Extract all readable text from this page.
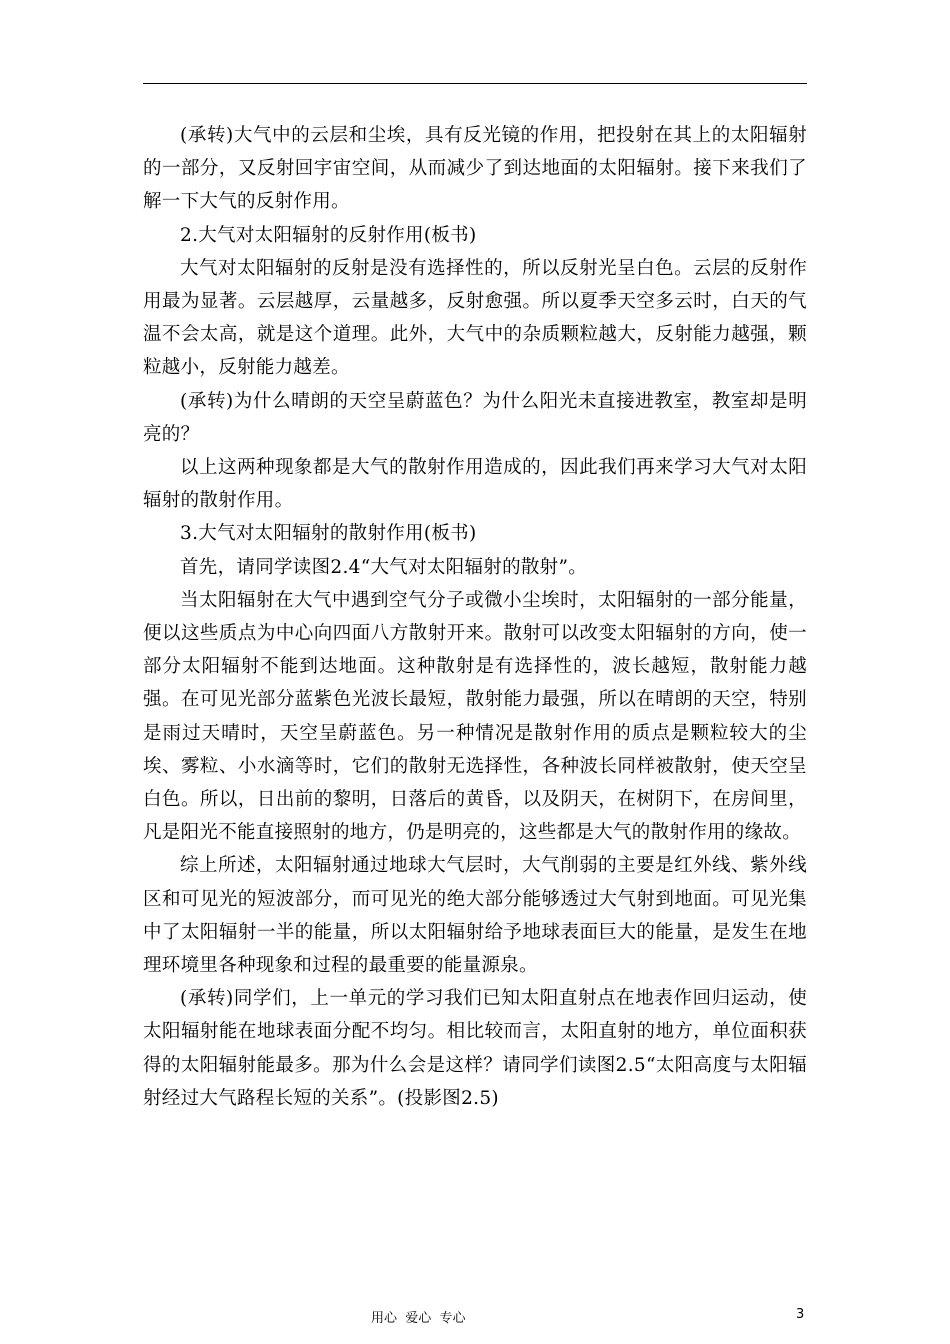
(承转)大气中的云层和尘埃，具有反光镜的作用，把投射在其上的太阳辐射的一部分，又反射回宇宙空间，从而减少了到达地面的太阳辐射。接下来我们了解一下大气的反射作用。

2.大气对太阳辐射的反射作用(板书)

大气对太阳辐射的反射是没有选择性的，所以反射光呈白色。云层的反射作用最为显著。云层越厚，云量越多，反射愈强。所以夏季天空多云时，白天的气温不会太高，就是这个道理。此外，大气中的杂质颗粒越大，反射能力越强，颗粒越小，反射能力越差。

(承转)为什么晴朗的天空呈蔚蓝色？为什么阳光未直接进教室，教室却是明亮的？

以上这两种现象都是大气的散射作用造成的，因此我们再来学习大气对太阳辐射的散射作用。

3.大气对太阳辐射的散射作用(板书)

首先，请同学读图2.4“大气对太阳辐射的散射”。

当太阳辐射在大气中遇到空气分子或微小尘埃时，太阳辐射的一部分能量，便以这些质点为中心向四面八方散射开来。散射可以改变太阳辐射的方向，使一部分太阳辐射不能到达地面。这种散射是有选择性的，波长越短，散射能力越强。在可见光部分蓝紫色光波长最短，散射能力最强，所以在晴朗的天空，特别是雨过天晴时，天空呈蔚蓝色。另一种情况是散射作用的质点是颗粒较大的尘埃、雾粒、小水滴等时，它们的散射无选择性，各种波长同样被散射，使天空呈白色。所以，日出前的黎明，日落后的黄昏，以及阴天，在树阴下，在房间里，凡是阳光不能直接照射的地方，仍是明亮的，这些都是大气的散射作用的缘故。

综上所述，太阳辐射通过地球大气层时，大气削弱的主要是红外线、紫外线区和可见光的短波部分，而可见光的绝大部分能够透过大气射到地面。可见光集中了太阳辐射一半的能量，所以太阳辐射给予地球表面巨大的能量，是发生在地理环境里各种现象和过程的最重要的能量源泉。

(承转)同学们，上一单元的学习我们已知太阳直射点在地表作回归运动，使太阳辐射能在地球表面分配不均匀。相比较而言，太阳直射的地方，单位面积获得的太阳辐射能最多。那为什么会是这样？请同学们读图2.5“太阳高度与太阳辐射经过大气路程长短的关系”。(投影图2.5)

用心  爱心  专心	3
